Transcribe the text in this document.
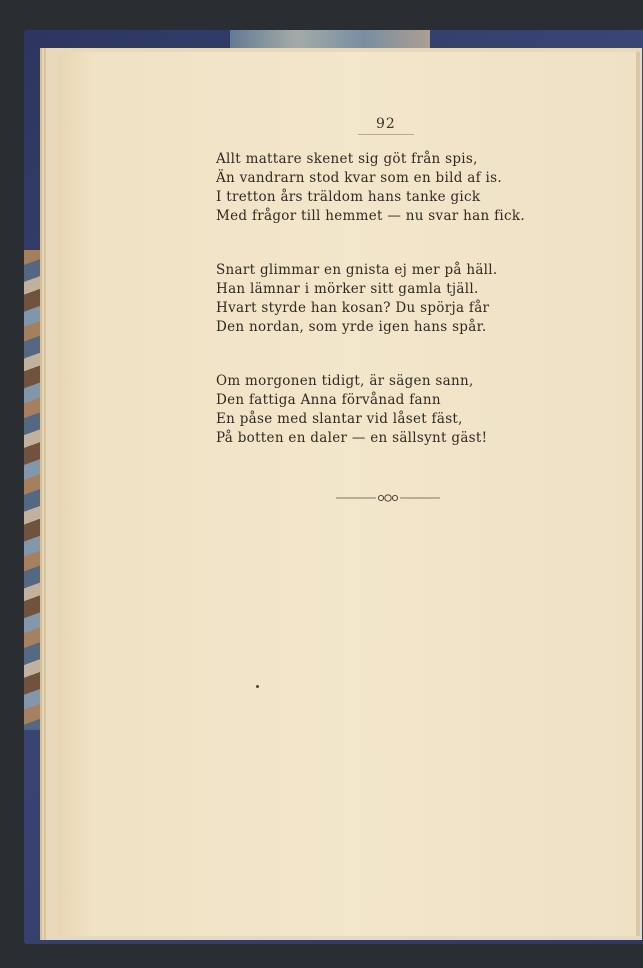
92
Allt mattare skenet sig göt från spis,
Än vandrarn stod kvar som en bild af is.
I tretton års träldom hans tanke gick
Med frågor till hemmet — nu svar han fick.
Snart glimmar en gnista ej mer på häll.
Han lämnar i mörker sitt gamla tjäll.
Hvart styrde han kosan? Du spörja får
Den nordan, som yrde igen hans spår.
Om morgonen tidigt, är sägen sann,
Den fattiga Anna förvånad fann
En påse med slantar vid låset fäst,
På botten en daler — en sällsynt gäst!
